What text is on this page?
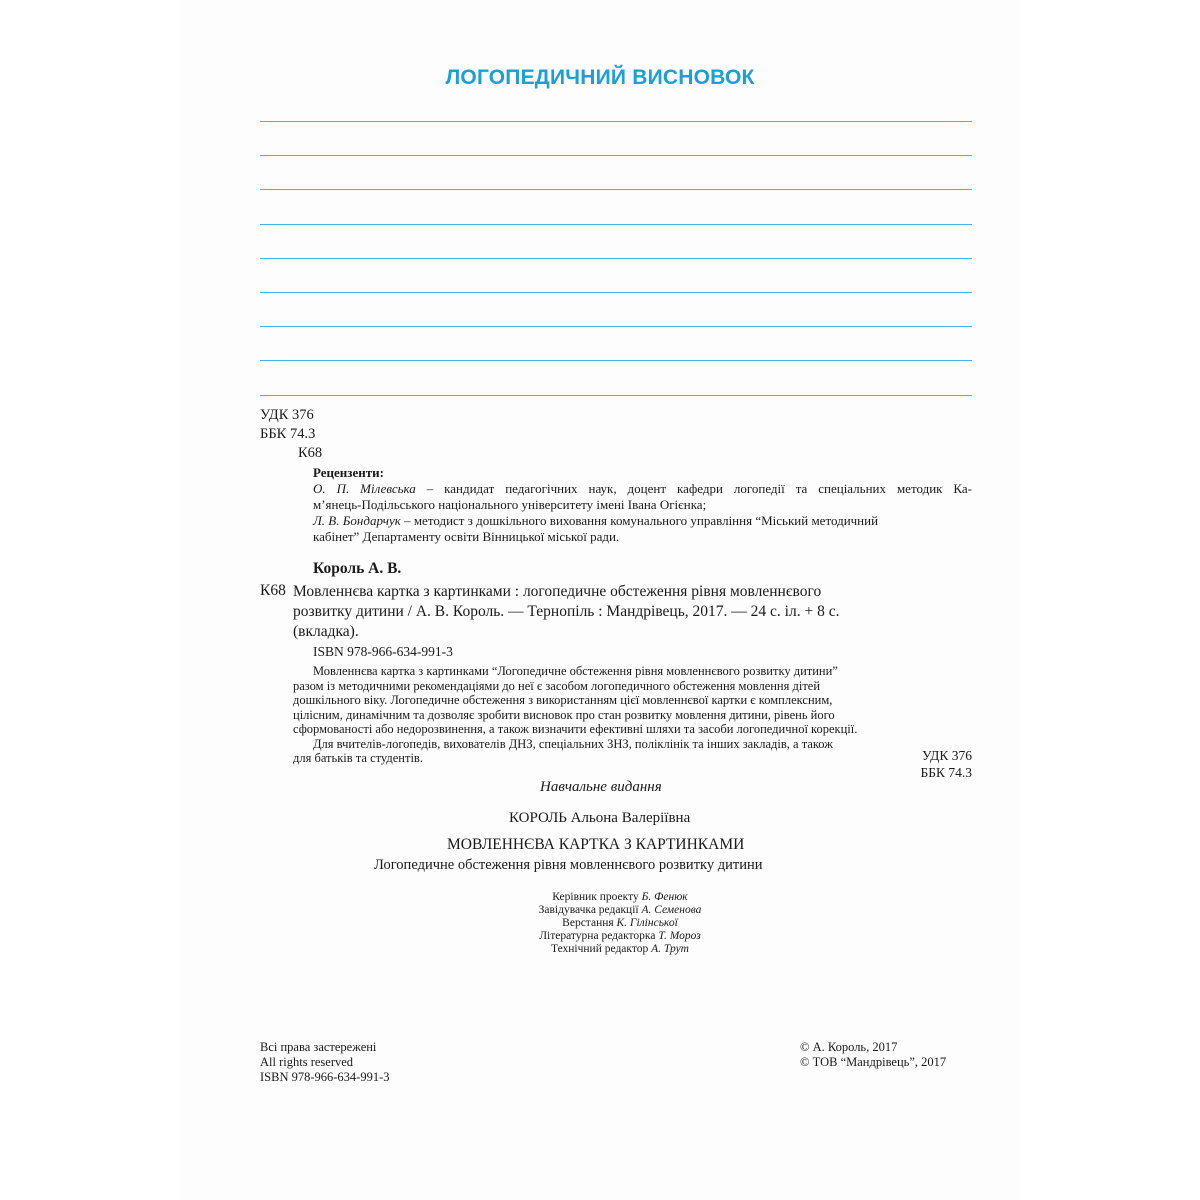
ЛОГОПЕДИЧНИЙ ВИСНОВОК
УДК 376
ББК 74.3
К68
Рецензенти:
О. П. Мілевська – кандидат педагогічних наук, доцент кафедри логопедії та спеціальних методик Ка-
м’янець-Подільського національного університету імені Івана Огієнка;
Л. В. Бондарчук – методист з дошкільного виховання комунального управління “Міський методичний
кабінет” Департаменту освіти Вінницької міської ради.
Король А. В.
К68 Мовленнєва картка з картинками : логопедичне обстеження рівня мовленнєвого
розвитку дитини / А. В. Король. — Тернопіль : Мандрівець, 2017. — 24 с. іл. + 8 с.
(вкладка).
ISBN 978-966-634-991-3
Мовленнєва картка з картинками “Логопедичне обстеження рівня мовленнєвого розвитку дитини”
разом із методичними рекомендаціями до неї є засобом логопедичного обстеження мовлення дітей
дошкільного віку. Логопедичне обстеження з використанням цієї мовленнєвої картки є комплексним,
цілісним, динамічним та дозволяє зробити висновок про стан розвитку мовлення дитини, рівень його
сформованості або недорозвинення, а також визначити ефективні шляхи та засоби логопедичної корекції.
Для вчителів-логопедів, вихователів ДНЗ, спеціальних ЗНЗ, поліклінік та інших закладів, а також
для батьків та студентів.	УДК 376
ББК 74.3
Навчальне видання
КОРОЛЬ Альона Валеріївна
МОВЛЕННЄВА КАРТКА З КАРТИНКАМИ
Логопедичне обстеження рівня мовленнєвого розвитку дитини
Керівник проекту Б. Фенюк
Завідувачка редакції А. Семенова
Верстання К. Гілінської
Літературна редакторка Т. Мороз
Технічний редактор А. Трут
Всі права застережені
All rights reserved
ISBN 978-966-634-991-3
© А. Король, 2017
© ТОВ “Мандрівець”, 2017
